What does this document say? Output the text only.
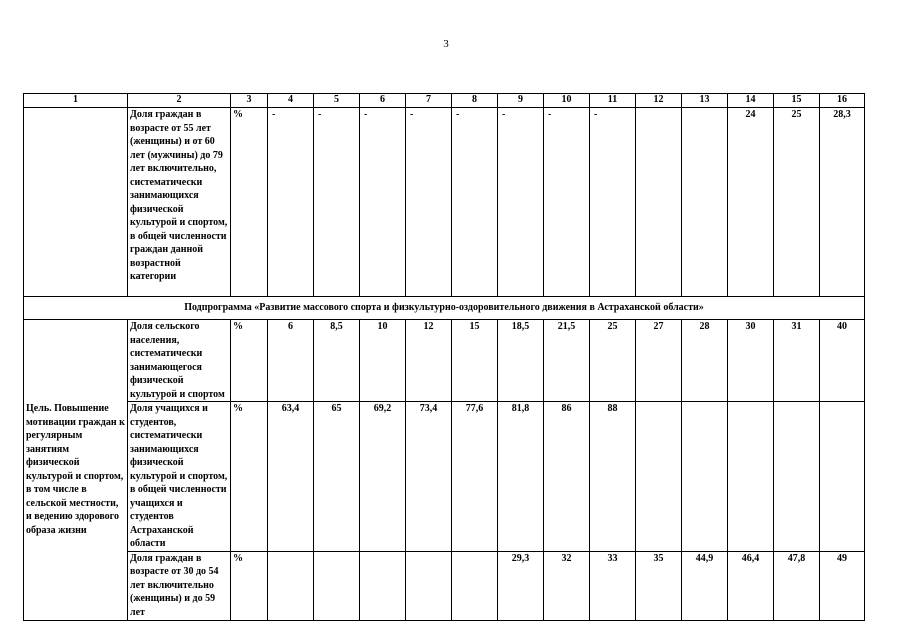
3
1	2	3	4	5	6	7	8	9	10	11	12	13	14	15	16	
	Доля граждан в возрасте от 55 лет (женщины) и от 60 лет (мужчины) до 79 лет включительно, систематически занимающихся физической культурой и спортом, в общей численности граждан данной возрастной категории	%	-	-	-	-	-	-	-	-			24	25	28,3	
Подпрограмма «Развитие массового спорта и физкультурно-оздоровительного движения в Астраханской области»																
Цель. Повышение мотивации граждан к регулярным занятиям физической культурой и спортом, в том числе в сельской местности, и ведению здорового образа жизни	Доля сельского населения, систематически занимающегося физической культурой и спортом	%	6	8,5	10	12	15	18,5	21,5	25	27	28	30	31	40	
	Доля учащихся и студентов, систематически занимающихся физической культурой и спортом, в общей численности учащихся и студентов Астраханской области	%	63,4	65	69,2	73,4	77,6	81,8	86	88						
	Доля граждан в возрасте от 30 до 54 лет включительно (женщины) и до 59 лет	%						29,3	32	33	35	44,9	46,4	47,8	49	
